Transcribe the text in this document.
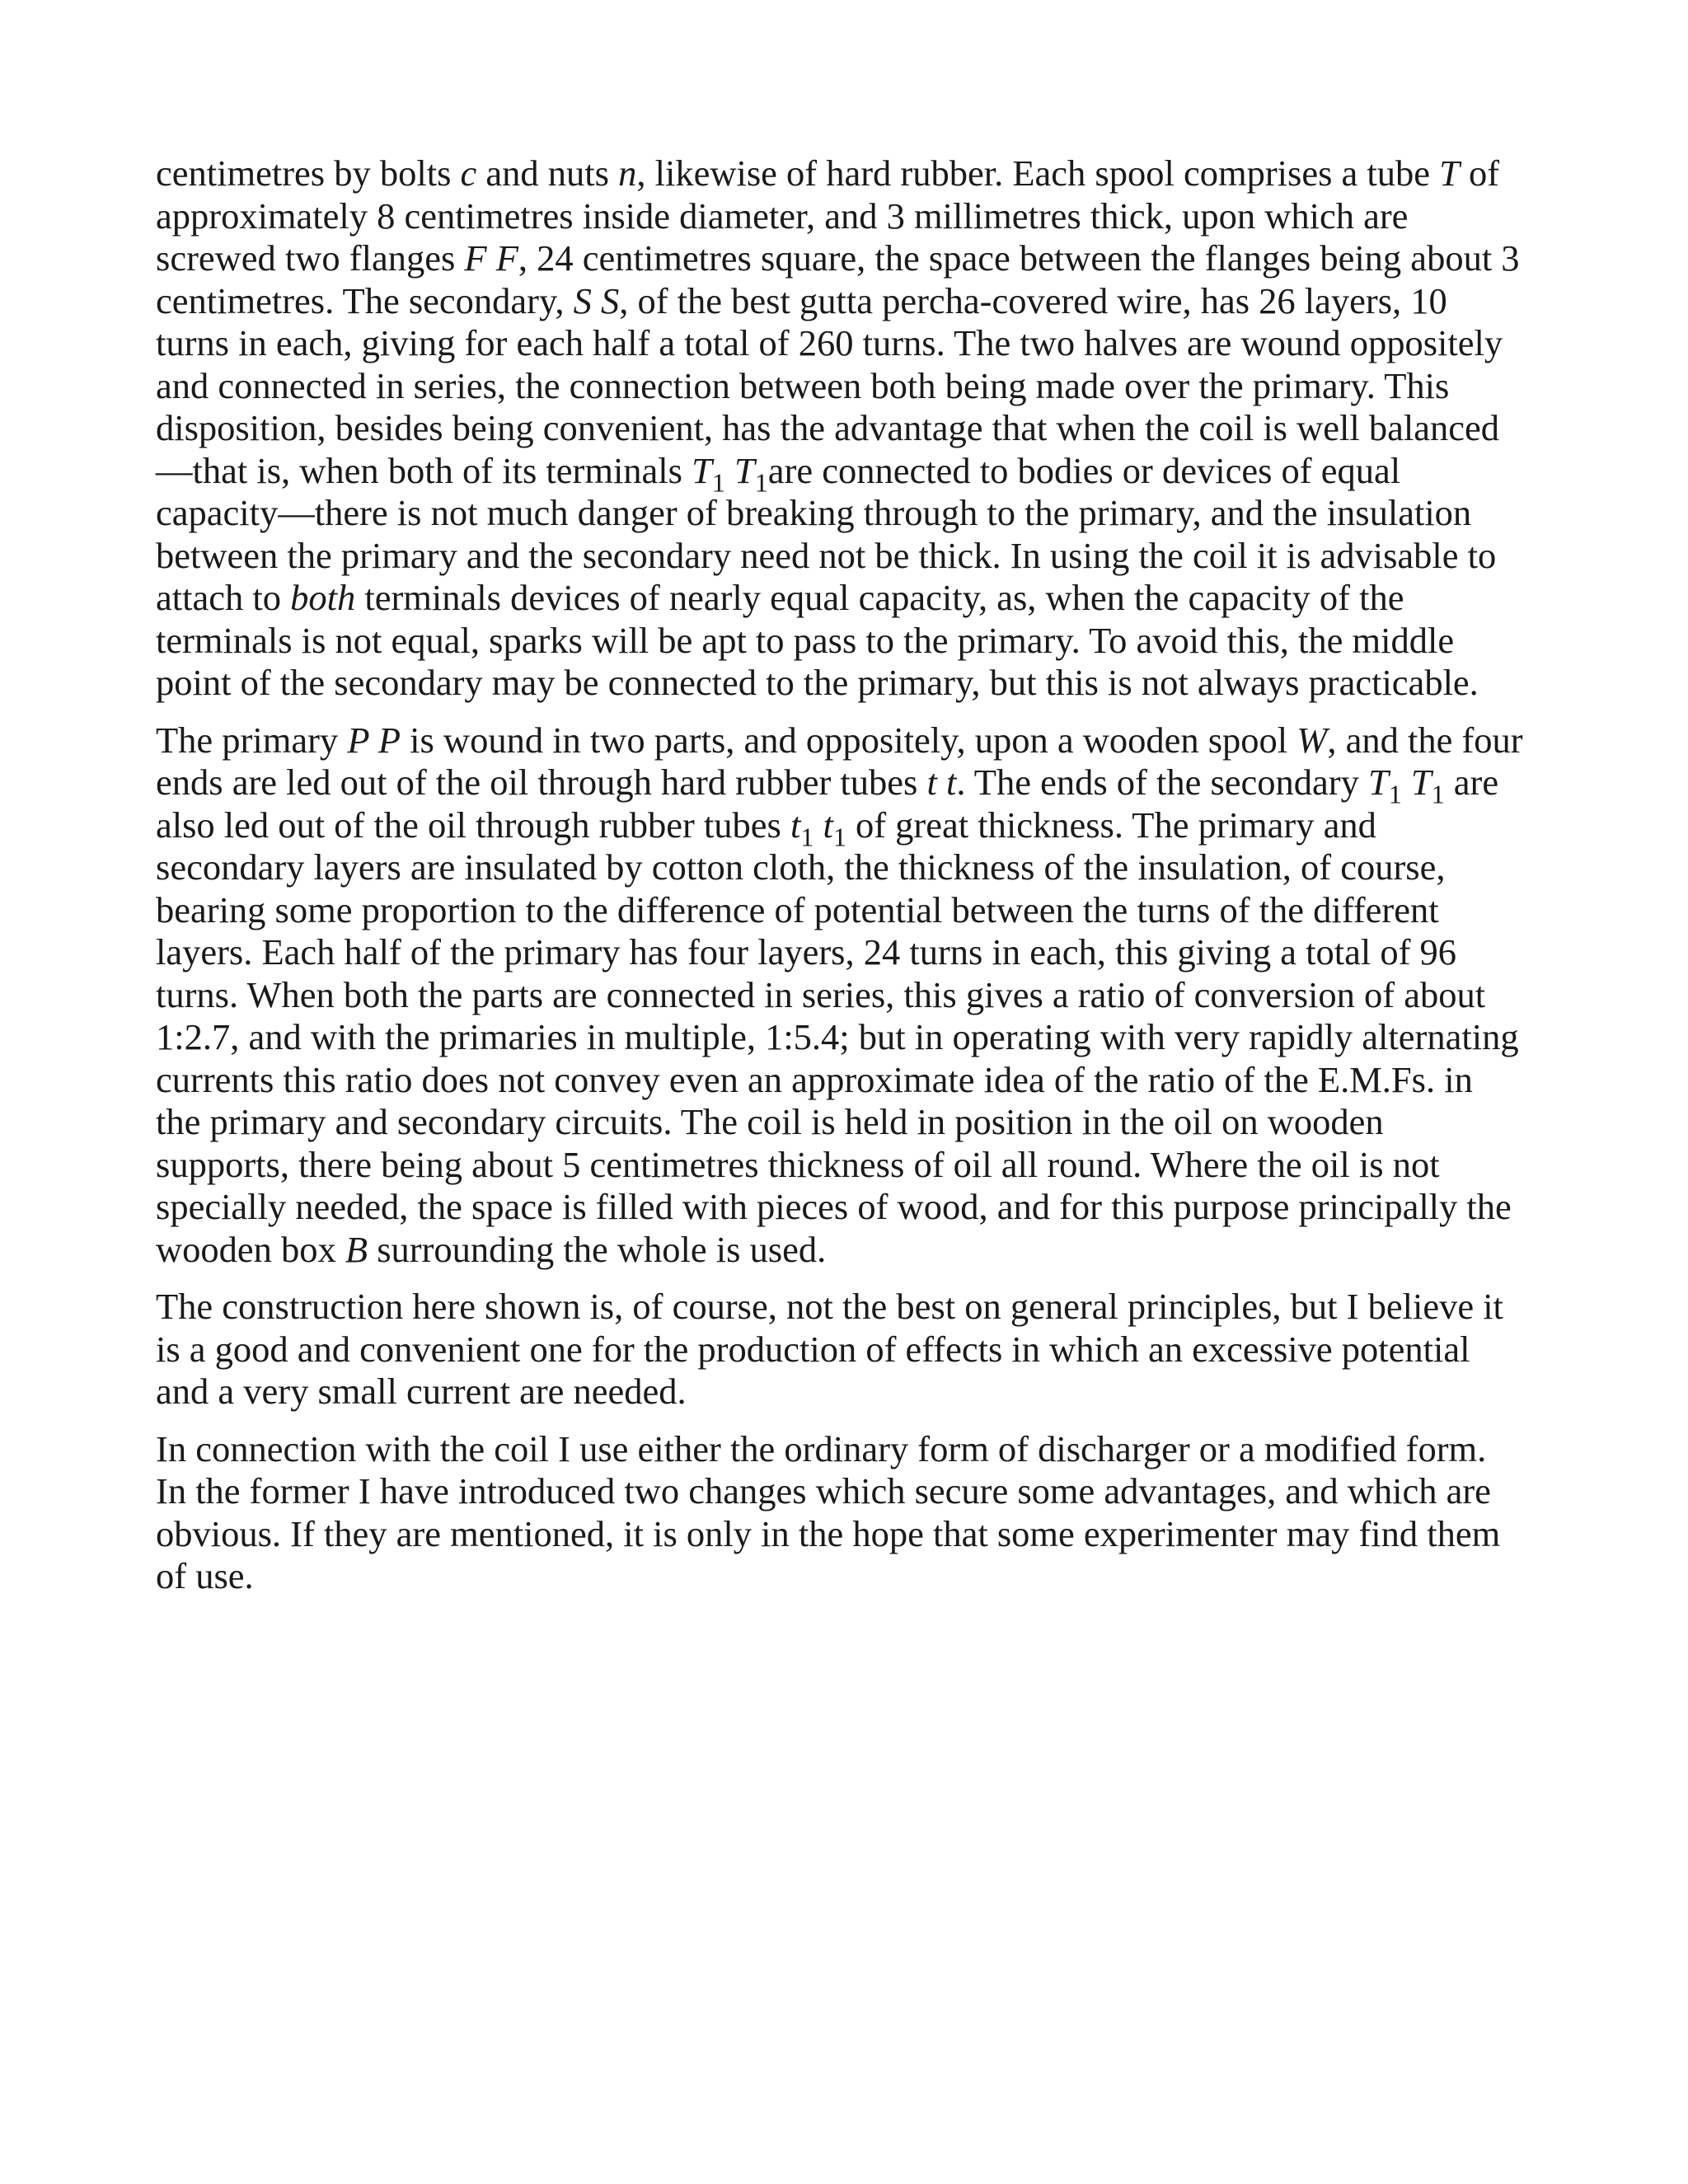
centimetres by bolts c and nuts n, likewise of hard rubber. Each spool comprises a tube T of approximately 8 centimetres inside diameter, and 3 millimetres thick, upon which are screwed two flanges F F, 24 centimetres square, the space between the flanges being about 3 centimetres. The secondary, S S, of the best gutta percha-covered wire, has 26 layers, 10 turns in each, giving for each half a total of 260 turns. The two halves are wound oppositely and connected in series, the connection between both being made over the primary. This disposition, besides being convenient, has the advantage that when the coil is well balanced—that is, when both of its terminals $T_1$ $T_1are$ connected to bodies or devices of equal capacity—there is not much danger of breaking through to the primary, and the insulation between the primary and the secondary need not be thick. In using the coil it is advisable to attach to both terminals devices of nearly equal capacity, as, when the capacity of the terminals is not equal, sparks will be apt to pass to the primary. To avoid this, the middle point of the secondary may be connected to the primary, but this is not always practicable.

The primary P P is wound in two parts, and oppositely, upon a wooden spool W, and the four ends are led out of the oil through hard rubber tubes t t. The ends of the secondary $T_1$ $T_1$ are also led out of the oil through rubber tubes $t_1$ $t_1$ of great thickness. The primary and secondary layers are insulated by cotton cloth, the thickness of the insulation, of course, bearing some proportion to the difference of potential between the turns of the different layers. Each half of the primary has four layers, 24 turns in each, this giving a total of 96 turns. When both the parts are connected in series, this gives a ratio of conversion of about 1:2.7, and with the primaries in multiple, 1:5.4; but in operating with very rapidly alternating currents this ratio does not convey even an approximate idea of the ratio of the E.M.Fs. in the primary and secondary circuits. The coil is held in position in the oil on wooden supports, there being about 5 centimetres thickness of oil all round. Where the oil is not specially needed, the space is filled with pieces of wood, and for this purpose principally the wooden box B surrounding the whole is used.

The construction here shown is, of course, not the best on general principles, but I believe it is a good and convenient one for the production of effects in which an excessive potential and a very small current are needed.

In connection with the coil I use either the ordinary form of discharger or a modified form. In the former I have introduced two changes which secure some advantages, and which are obvious. If they are mentioned, it is only in the hope that some experimenter may find them of use.
